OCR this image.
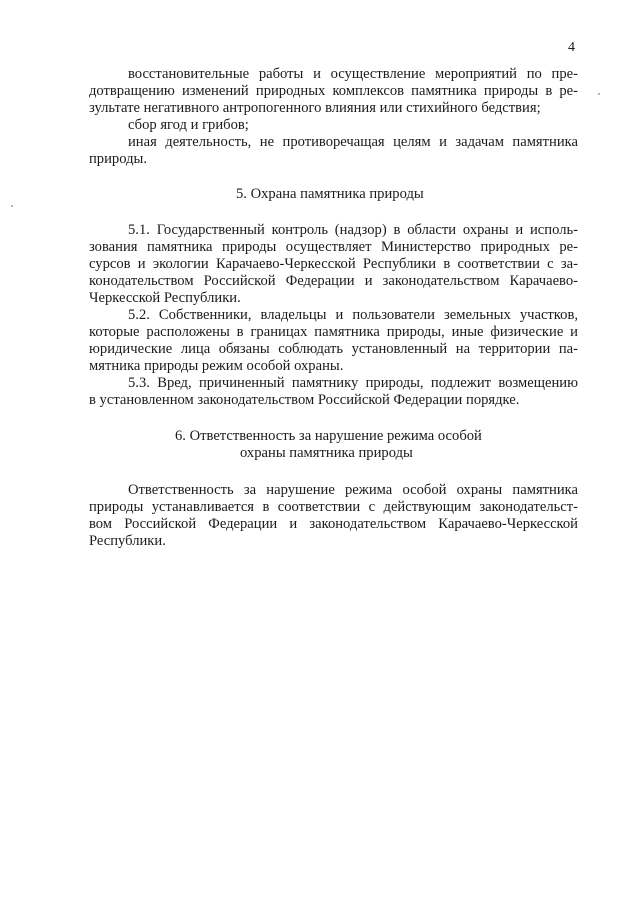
4

восстановительные работы и осуществление мероприятий по пре-

дотвращению изменений природных комплексов памятника природы в ре-

зультате негативного антропогенного влияния или стихийного бедствия;

сбор ягод и грибов;

иная деятельность, не противоречащая целям и задачам памятника

природы.

5. Охрана памятника природы

5.1. Государственный контроль (надзор) в области охраны и исполь-

зования памятника природы осуществляет Министерство природных ре-

сурсов и экологии Карачаево-Черкесской Республики в соответствии с за-

конодательством Российской Федерации и законодательством Карачаево-

Черкесской Республики.

5.2. Собственники, владельцы и пользователи земельных участков,

которые расположены в границах памятника природы, иные физические и

юридические лица обязаны соблюдать установленный на территории па-

мятника природы режим особой охраны.

5.3. Вред, причиненный памятнику природы, подлежит возмещению

в установленном законодательством Российской Федерации порядке.

6. Ответственность за нарушение режима особой

охраны памятника природы

Ответственность за нарушение режима особой охраны памятника

природы устанавливается в соответствии с действующим законодательст-

вом Российской Федерации и законодательством Карачаево-Черкесской

Республики.
